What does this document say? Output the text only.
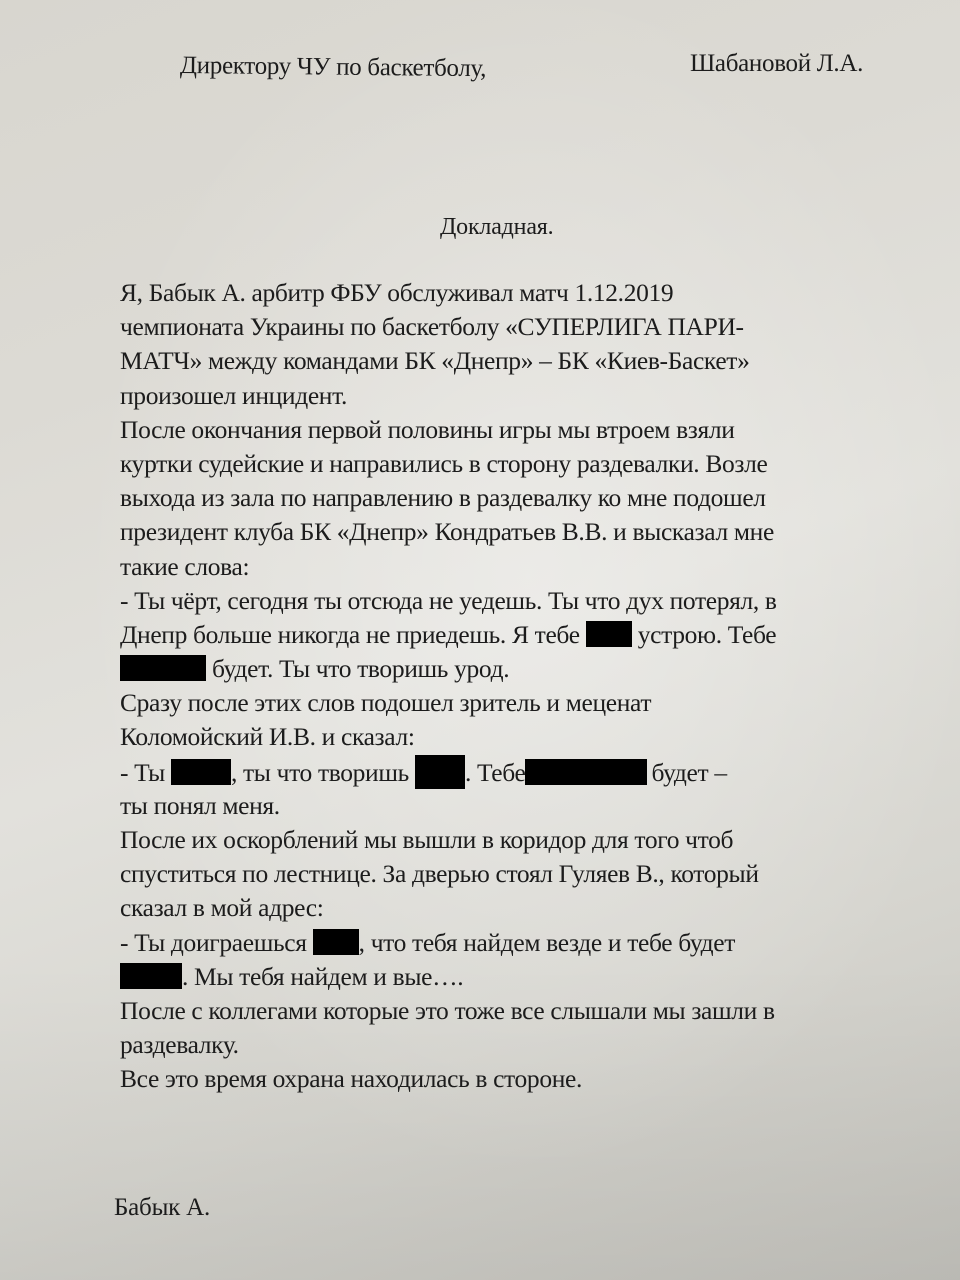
Директору ЧУ по баскетболу,	Шабановой Л.А.
Докладная.
Я, Бабык А. арбитр ФБУ обслуживал матч 1.12.2019
чемпионата Украины по баскетболу «СУПЕРЛИГА ПАРИ-
МАТЧ» между командами БК «Днепр» – БК «Киев-Баскет»
произошел инцидент.
После окончания первой половины игры мы втроем взяли
куртки судейские и направились в сторону раздевалки. Возле
выхода из зала по направлению в раздевалку ко мне подошел
президент клуба БК «Днепр» Кондратьев В.В. и высказал мне
такие слова:
- Ты чёрт, сегодня ты отсюда не уедешь. Ты что дух потерял, в
Днепр больше никогда не приедешь. Я тебе устрою. Тебе
будет. Ты что творишь урод.
Сразу после этих слов подошел зритель и меценат
Коломойский И.В. и сказал:
- Ты	, ты что творишь . Тебе	будет –
ты понял меня.
После их оскорблений мы вышли в коридор для того чтоб
спуститься по лестнице. За дверью стоял Гуляев В., который
сказал в мой адрес:
- Ты доиграешься , что тебя найдем везде и тебе будет
. Мы тебя найдем и вые….
После с коллегами которые это тоже все слышали мы зашли в
раздевалку.
Все это время охрана находилась в стороне.
Бабык А.
